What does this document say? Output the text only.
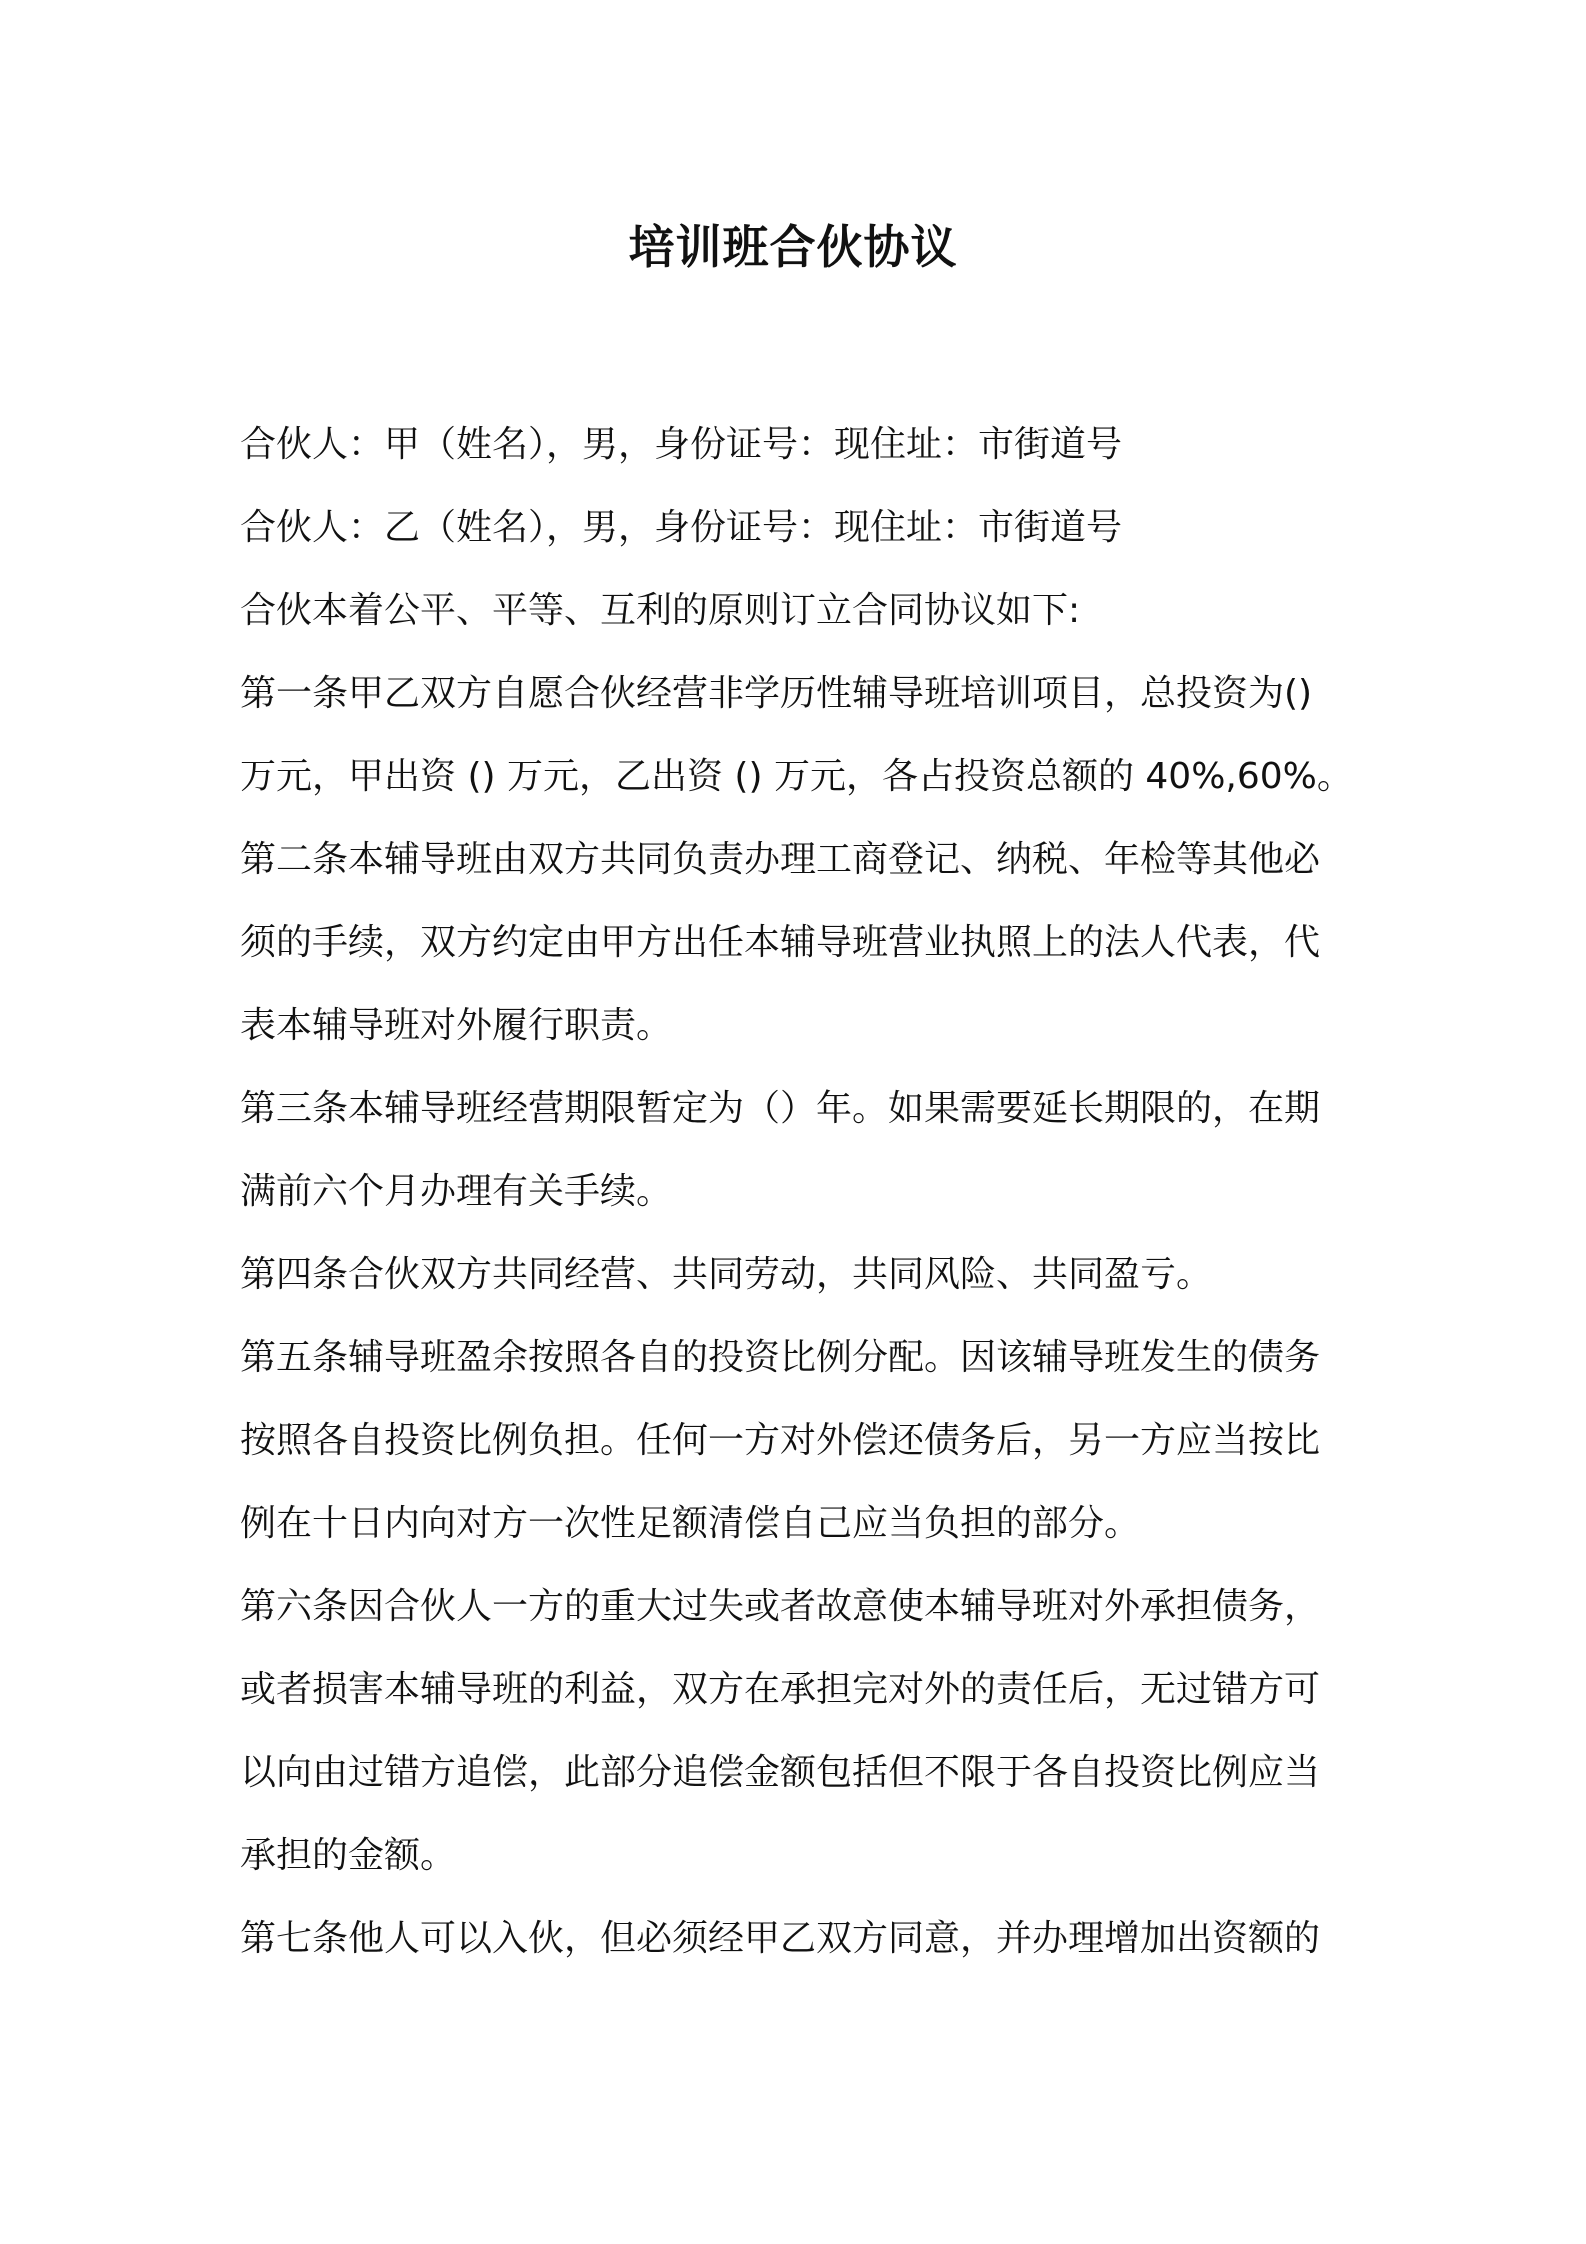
培训班合伙协议

合伙人：甲（姓名），男，身份证号：现住址：市街道号

合伙人：乙（姓名），男，身份证号：现住址：市街道号

合伙本着公平、平等、互利的原则订立合同协议如下:

第一条甲乙双方自愿合伙经营非学历性辅导班培训项目，总投资为()

万元，甲出资 () 万元，乙出资 () 万元，各占投资总额的 40%,60%。

第二条本辅导班由双方共同负责办理工商登记、纳税、年检等其他必

须的手续，双方约定由甲方出任本辅导班营业执照上的法人代表，代

表本辅导班对外履行职责。

第三条本辅导班经营期限暂定为（）年。如果需要延长期限的，在期

满前六个月办理有关手续。

第四条合伙双方共同经营、共同劳动，共同风险、共同盈亏。

第五条辅导班盈余按照各自的投资比例分配。因该辅导班发生的债务

按照各自投资比例负担。任何一方对外偿还债务后，另一方应当按比

例在十日内向对方一次性足额清偿自己应当负担的部分。

第六条因合伙人一方的重大过失或者故意使本辅导班对外承担债务，

或者损害本辅导班的利益，双方在承担完对外的责任后，无过错方可

以向由过错方追偿，此部分追偿金额包括但不限于各自投资比例应当

承担的金额。

第七条他人可以入伙，但必须经甲乙双方同意，并办理增加出资额的
